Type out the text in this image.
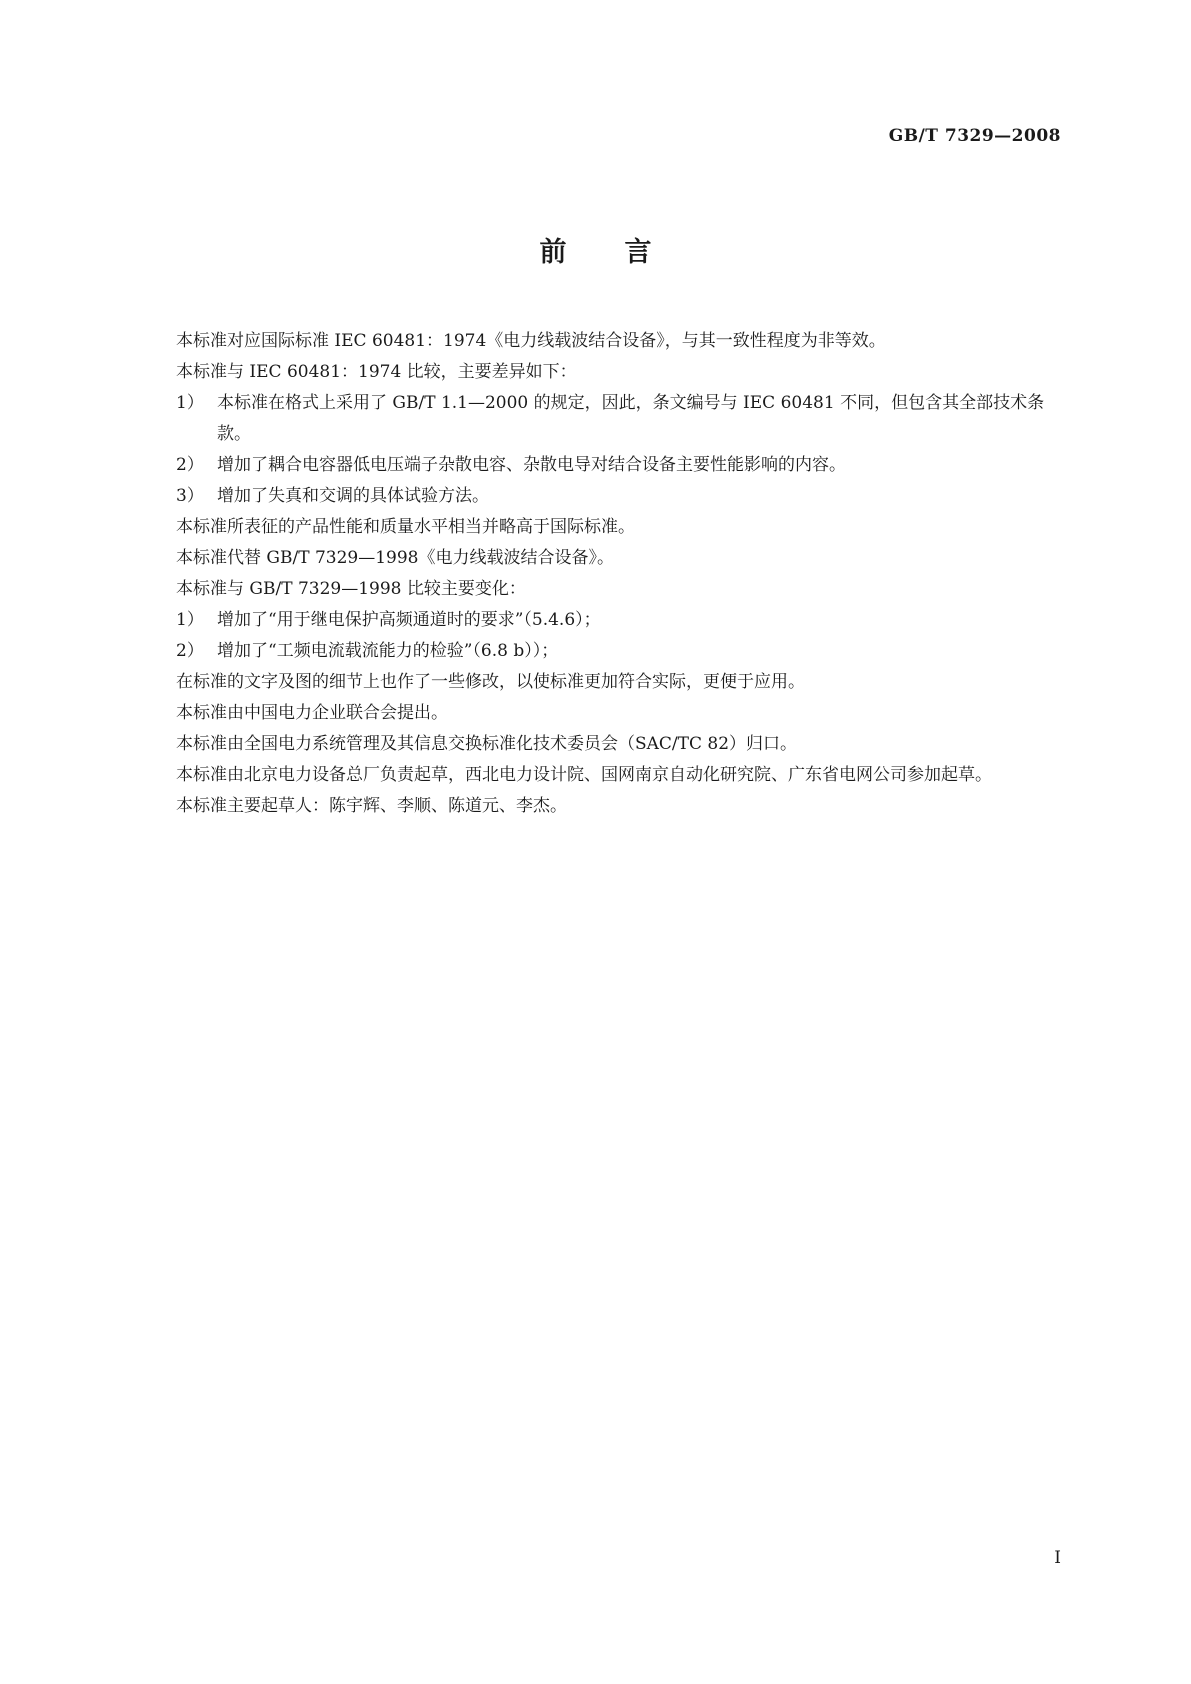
GB/T 7329—2008
前言

本标准对应国际标准 IEC 60481：1974《电力线载波结合设备》，与其一致性程度为非等效。

本标准与 IEC 60481：1974 比较，主要差异如下：

1） 本标准在格式上采用了 GB/T 1.1—2000 的规定，因此，条文编号与 IEC 60481 不同，但包含其全部技术条款。

2） 增加了耦合电容器低电压端子杂散电容、杂散电导对结合设备主要性能影响的内容。

3） 增加了失真和交调的具体试验方法。

本标准所表征的产品性能和质量水平相当并略高于国际标准。

本标准代替 GB/T 7329—1998《电力线载波结合设备》。

本标准与 GB/T 7329—1998 比较主要变化：

1） 增加了“用于继电保护高频通道时的要求”（5.4.6）；

2） 增加了“工频电流载流能力的检验”（6.8 b））；

在标准的文字及图的细节上也作了一些修改，以使标准更加符合实际，更便于应用。

本标准由中国电力企业联合会提出。

本标准由全国电力系统管理及其信息交换标准化技术委员会（SAC/TC 82）归口。

本标准由北京电力设备总厂负责起草，西北电力设计院、国网南京自动化研究院、广东省电网公司参加起草。

本标准主要起草人：陈宇辉、李顺、陈道元、李杰。

I
